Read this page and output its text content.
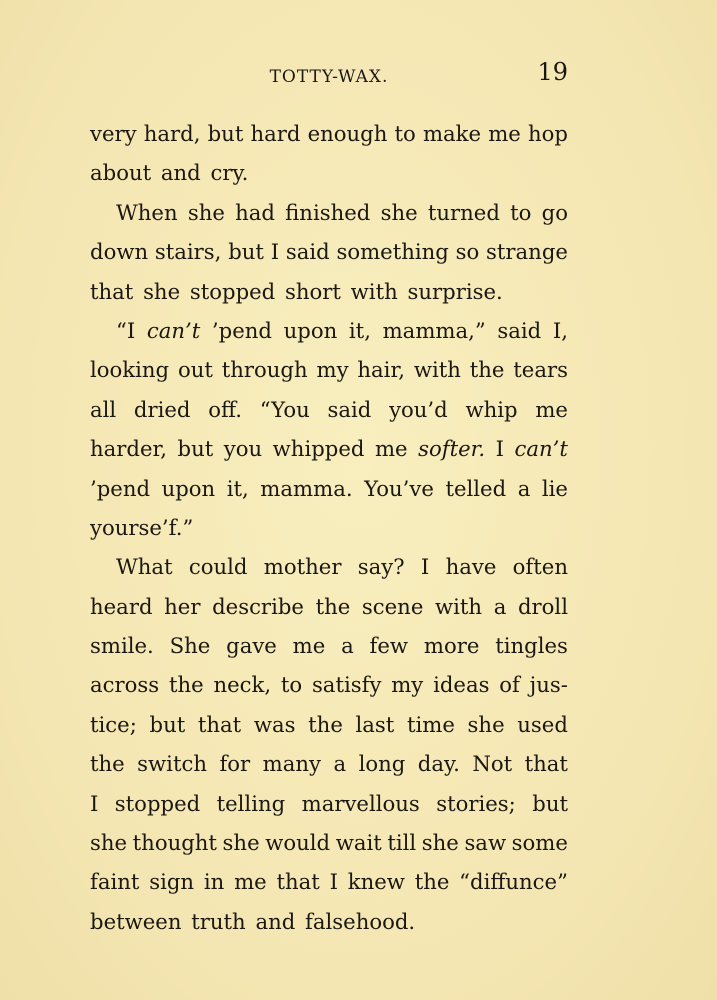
TOTTY-WAX.	19
very hard, but hard enough to make me hop
about
and
cry.
When she had finished she turned to go
down stairs, but I said something so strange
that
she
stopped
short
with
surprise.
“I can’t ’pend upon it, mamma,” said I,
looking out through my hair, with the tears
all dried off. “You said you’d whip me
harder, but you whipped me softer. I can’t
’pend upon it, mamma. You’ve telled a lie
yourse’f.”
What could mother say? I have often
heard her describe the scene with a droll
smile. She gave me a few more tingles
across the neck, to satisfy my ideas of jus-
tice; but that was the last time she used
the switch for many a long day. Not that
I stopped telling marvellous stories; but
she thought she would wait till she saw some
faint sign in me that I knew the “diffunce”
between
truth
and
falsehood.
